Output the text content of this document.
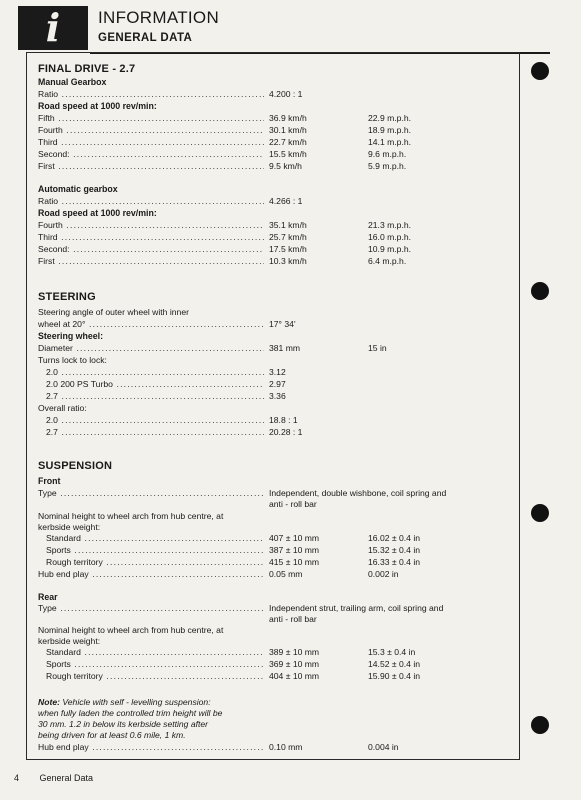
i	INFORMATION
GENERAL DATA
FINAL DRIVE - 2.7
Manual Gearbox
Ratio .....	4.200 : 1
Road speed at 1000 rev/min:
Fifth .....	36.9 km/h	22.9 m.p.h.
Fourth .....	30.1 km/h	18.9 m.p.h.
Third .....	22.7 km/h	14.1 m.p.h.
Second: .....	15.5 km/h	9.6 m.p.h.
First .....	9.5 km/h	5.9 m.p.h.
Automatic gearbox
Ratio .....	4.266 : 1
Road speed at 1000 rev/min:
Fourth .....	35.1 km/h	21.3 m.p.h.
Third .....	25.7 km/h	16.0 m.p.h.
Second: .....	17.5 km/h	10.9 m.p.h.
First .....	10.3 km/h	6.4 m.p.h.
STEERING
Steering angle of outer wheel with inner
wheel at 20° .....	17° 34'
Steering wheel:
Diameter .....	381 mm	15 in
Turns lock to lock:
2.0 .....	3.12
2.0 200 PS Turbo .....	2.97
2.7 .....	3.36
Overall ratio:
2.0 .....	18.8 : 1
2.7 .....	20.28 : 1
SUSPENSION
Front
Type .....	Independent, double wishbone, coil spring and
anti - roll bar
Nominal height to wheel arch from hub centre, at
kerbside weight:
Standard .....	407 ± 10 mm	16.02 ± 0.4 in
Sports .....	387 ± 10 mm	15.32 ± 0.4 in
Rough territory .....	415 ± 10 mm	16.33 ± 0.4 in
Hub end play .....	0.05 mm	0.002 in
Rear
Type .....	Independent strut, trailing arm, coil spring and
anti - roll bar
Nominal height to wheel arch from hub centre, at
kerbside weight:
Standard .....	389 ± 10 mm	15.3 ± 0.4 in
Sports .....	369 ± 10 mm	14.52 ± 0.4 in
Rough territory .....	404 ± 10 mm	15.90 ± 0.4 in
Note: Vehicle with self - levelling suspension:
when fully laden the controlled trim height will be
30 mm. 1.2 in below its kerbside setting after
being driven for at least 0.6 mile, 1 km.
Hub end play .....	0.10 mm	0.004 in
4 General Data
